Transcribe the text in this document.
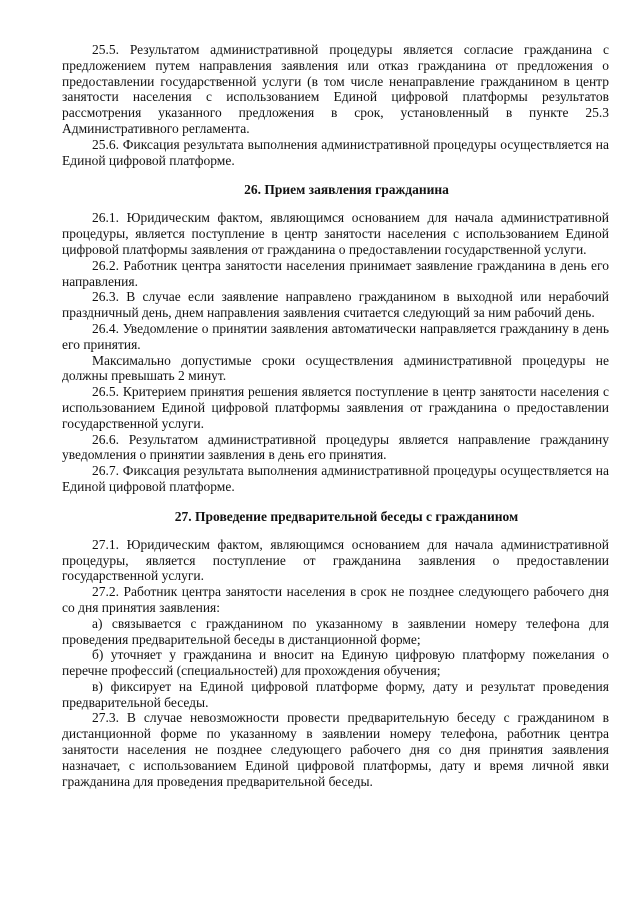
25.5. Результатом административной процедуры является согласие гражданина с предложением путем направления заявления или отказ гражданина от предложения о предоставлении государственной услуги (в том числе ненаправление гражданином в центр занятости населения с использованием Единой цифровой платформы результатов рассмотрения указанного предложения в срок, установленный в пункте 25.3 Административного регламента.

25.6. Фиксация результата выполнения административной процедуры осуществляется на Единой цифровой платформе.

26. Прием заявления гражданина

26.1. Юридическим фактом, являющимся основанием для начала административной процедуры, является поступление в центр занятости населения с использованием Единой цифровой платформы заявления от гражданина о предоставлении государственной услуги.

26.2. Работник центра занятости населения принимает заявление гражданина в день его направления.

26.3. В случае если заявление направлено гражданином в выходной или нерабочий праздничный день, днем направления заявления считается следующий за ним рабочий день.

26.4. Уведомление о принятии заявления автоматически направляется гражданину в день его принятия.

Максимально допустимые сроки осуществления административной процедуры не должны превышать 2 минут.

26.5. Критерием принятия решения является поступление в центр занятости населения с использованием Единой цифровой платформы заявления от гражданина о предоставлении государственной услуги.

26.6. Результатом административной процедуры является направление гражданину уведомления о принятии заявления в день его принятия.

26.7. Фиксация результата выполнения административной процедуры осуществляется на Единой цифровой платформе.

27. Проведение предварительной беседы с гражданином

27.1. Юридическим фактом, являющимся основанием для начала административной процедуры, является поступление от гражданина заявления о предоставлении государственной услуги.

27.2. Работник центра занятости населения в срок не позднее следующего рабочего дня со дня принятия заявления:

а) связывается с гражданином по указанному в заявлении номеру телефона для проведения предварительной беседы в дистанционной форме;

б) уточняет у гражданина и вносит на Единую цифровую платформу пожелания о перечне профессий (специальностей) для прохождения обучения;

в) фиксирует на Единой цифровой платформе форму, дату и результат проведения предварительной беседы.

27.3. В случае невозможности провести предварительную беседу с гражданином в дистанционной форме по указанному в заявлении номеру телефона, работник центра занятости населения не позднее следующего рабочего дня со дня принятия заявления назначает, с использованием Единой цифровой платформы, дату и время личной явки гражданина для проведения предварительной беседы.
